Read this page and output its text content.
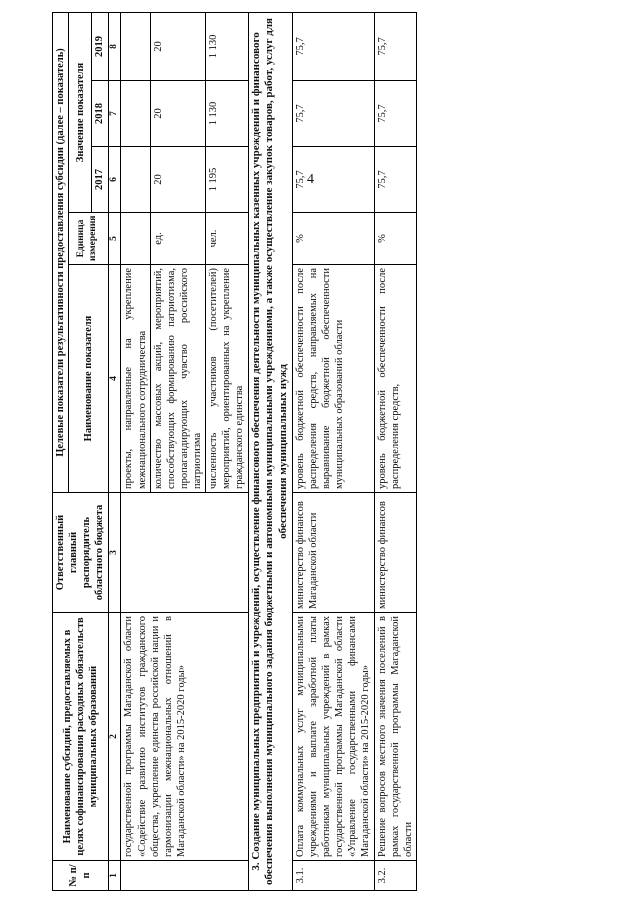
4
№ п/п	Наименование субсидий, предоставляемых в целях софинансирования расходных обязательств муниципальных образований	Ответственный главный распорядитель областного бюджета	Целевые показатели результативности предоставления субсидии (далее – показатель)				
			Наименование показателя	Единица измерения	Значение показателя		
					2017	2018	2019
1	2	3	4	5	6	7	8
	государственной программы Магаданской области «Содействие развитию институтов гражданского общества, укрепление единства российской нации и гармонизации межнациональных отношений в Магаданской области» на 2015-2020 годы»		проекты, направленные на укрепление межнационального сотрудничества				
			количество массовых акций, мероприятий, способствующих формированию патриотизма, пропагандирующих чувство российского патриотизма	ед.	20	20	20
			численность участников (посетителей) мероприятий, ориентированных на укрепление гражданского единства	чел.	1 195	1 130	1 130
3. Создание муниципальных предприятий и учреждений, осуществление финансового обеспечения деятельности муниципальных казенных учреждений и финансового обеспечения выполнения муниципального задания бюджетными и автономными муниципальными учреждениями, а также осуществление закупок товаров, работ, услуг для обеспечения муниципальных нужд							
3.1.	Оплата коммунальных услуг муниципальными учреждениями и выплате заработной платы работникам муниципальных учреждений в рамках государственной программы Магаданской области «Управление государственными финансами Магаданской области» на 2015-2020 годы»	министерство финансов Магаданской области	уровень бюджетной обеспеченности после распределения средств, направляемых на выравнивание бюджетной обеспеченности муниципальных образований области	%	75,7	75,7	75,7
3.2.	Решение вопросов местного значения поселений в рамках государственной программы Магаданской области	министерство финансов	уровень бюджетной обеспеченности после распределения средств,	%	75,7	75,7	75,7
